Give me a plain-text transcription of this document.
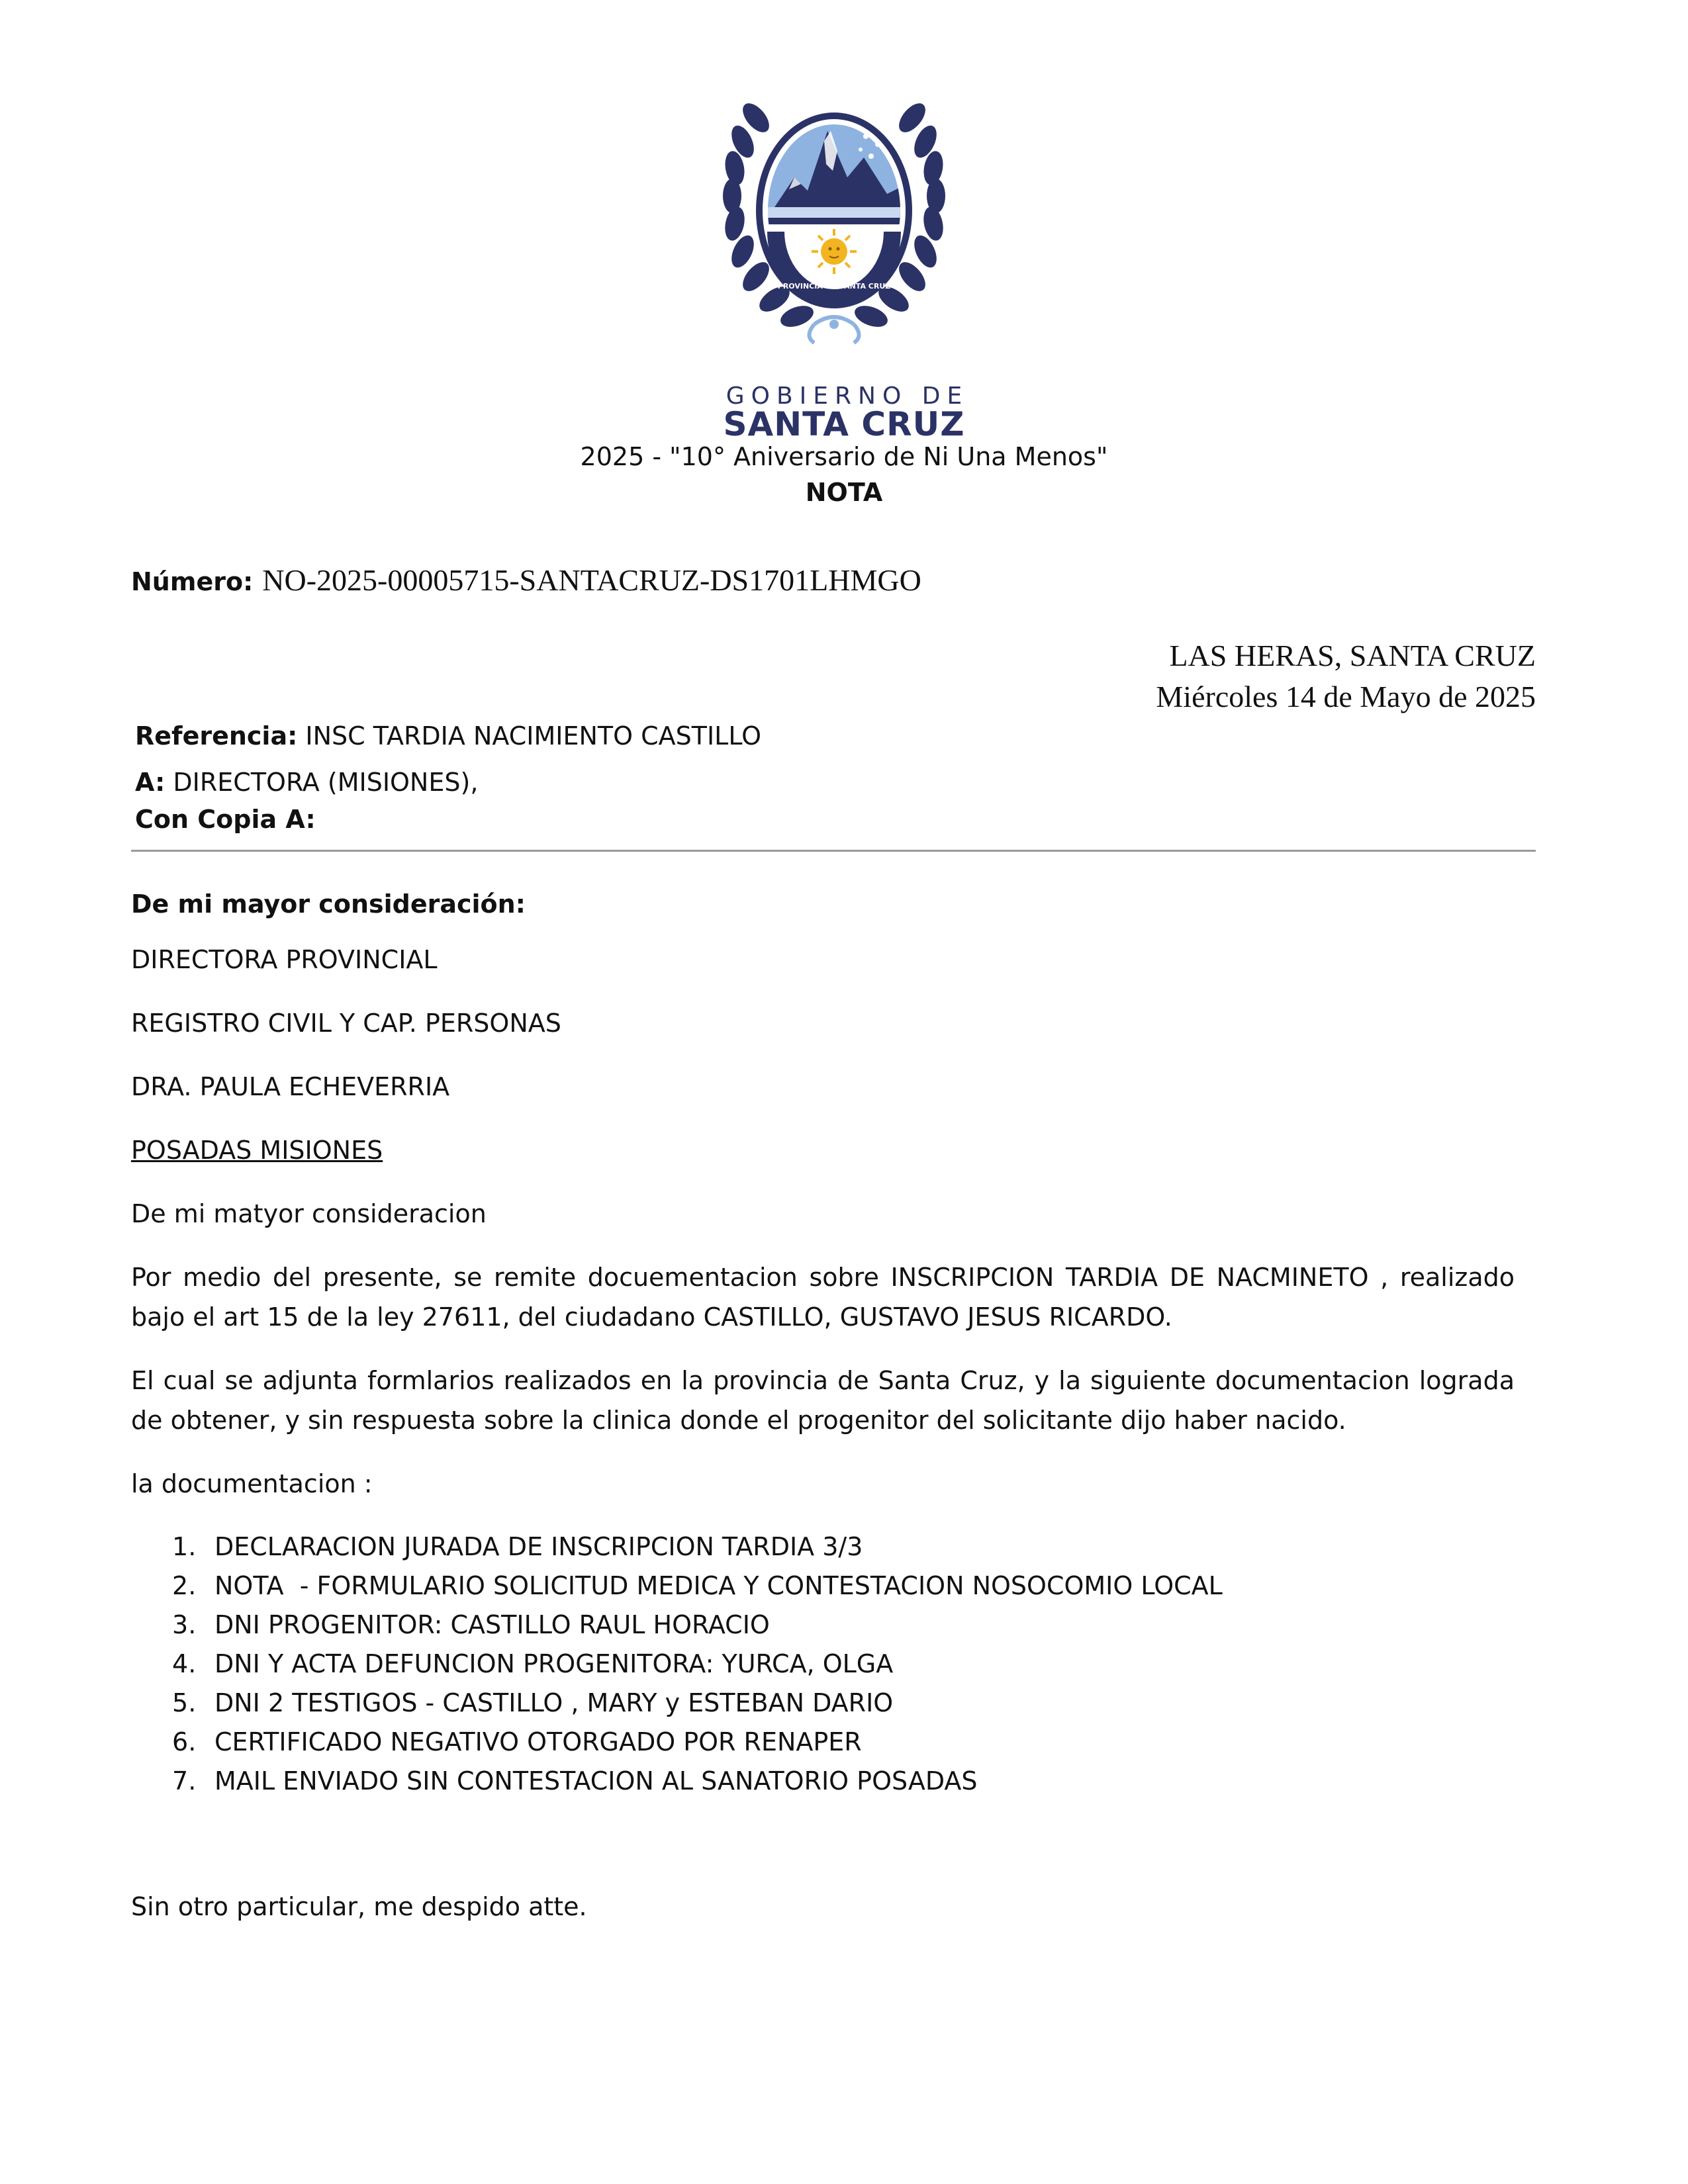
PROVINCIA DE SANTA CRUZ
GOBIERNO DE
SANTA CRUZ
2025 - "10° Aniversario de Ni Una Menos"
NOTA
Número: NO-2025-00005715-SANTACRUZ-DS1701LHMGO
LAS HERAS, SANTA CRUZ
Miércoles 14 de Mayo de 2025
Referencia: INSC TARDIA NACIMIENTO CASTILLO
A: DIRECTORA (MISIONES),
Con Copia A:

De mi mayor consideración:

DIRECTORA PROVINCIAL

REGISTRO CIVIL Y CAP. PERSONAS

DRA. PAULA ECHEVERRIA

POSADAS MISIONES

De mi matyor consideracion

Por medio del presente, se remite docuementacion sobre INSCRIPCION TARDIA DE NACMINETO , realizado bajo el art 15 de la ley 27611, del ciudadano CASTILLO, GUSTAVO JESUS RICARDO.

El cual se adjunta formlarios realizados en la provincia de Santa Cruz, y la siguiente documentacion lograda de obtener, y sin respuesta sobre la clinica donde el progenitor del solicitante dijo haber nacido.

la documentacion :

DECLARACION JURADA DE INSCRIPCION TARDIA 3/3
NOTA  - FORMULARIO SOLICITUD MEDICA Y CONTESTACION NOSOCOMIO LOCAL
DNI PROGENITOR: CASTILLO RAUL HORACIO
DNI Y ACTA DEFUNCION PROGENITORA: YURCA, OLGA
DNI 2 TESTIGOS - CASTILLO , MARY y ESTEBAN DARIO
CERTIFICADO NEGATIVO OTORGADO POR RENAPER
MAIL ENVIADO SIN CONTESTACION AL SANATORIO POSADAS

Sin otro particular, me despido atte.
